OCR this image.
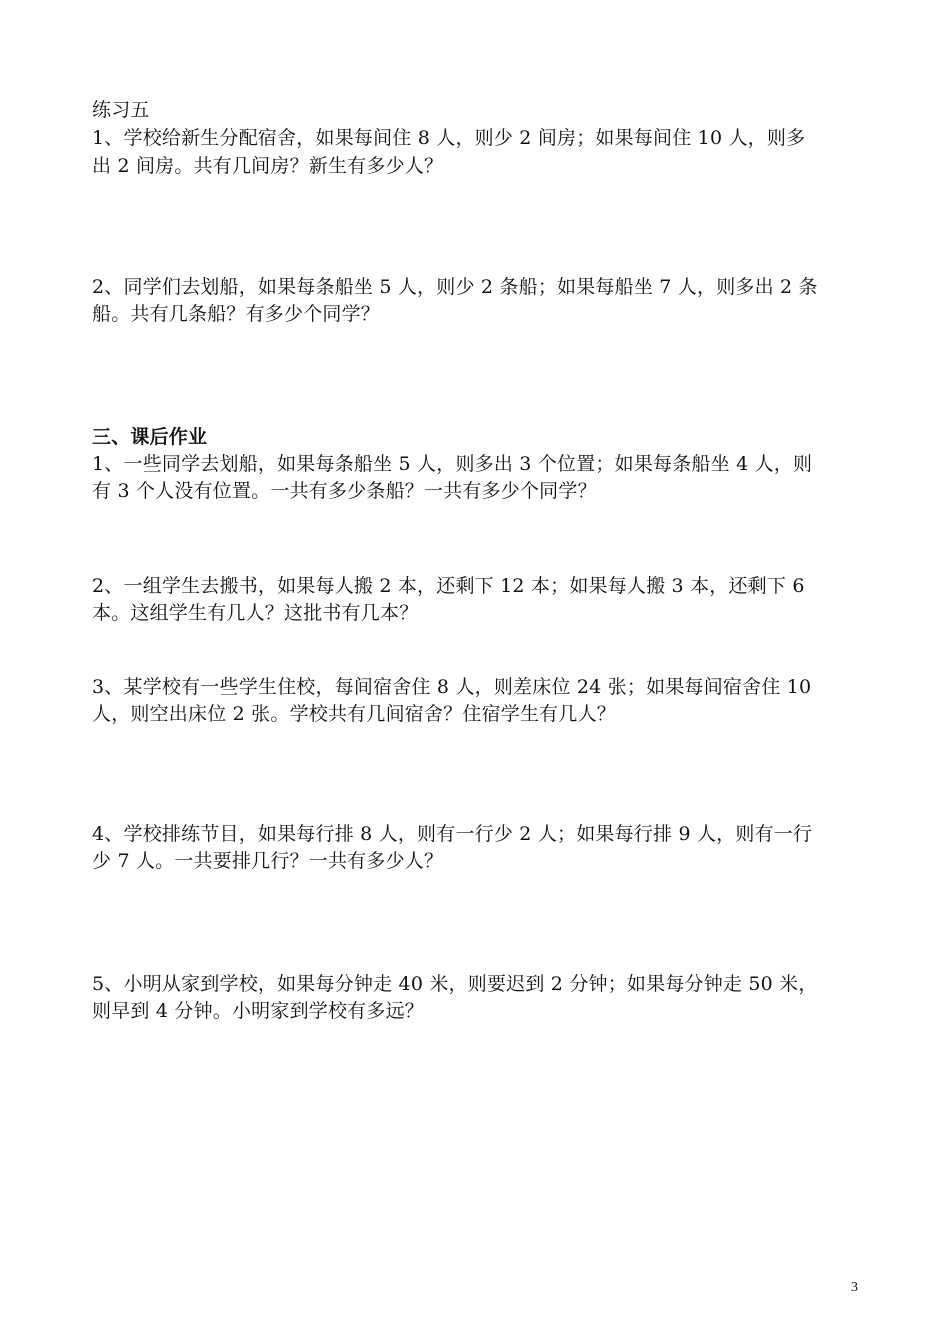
练习五
1、学校给新生分配宿舍，如果每间住 8 人，则少 2 间房；如果每间住 10 人，则多
出 2 间房。共有几间房？新生有多少人？
2、同学们去划船，如果每条船坐 5 人，则少 2 条船；如果每船坐 7 人，则多出 2 条
船。共有几条船？有多少个同学？
三、课后作业
1、一些同学去划船，如果每条船坐 5 人，则多出 3 个位置；如果每条船坐 4 人，则
有 3 个人没有位置。一共有多少条船？一共有多少个同学？
2、一组学生去搬书，如果每人搬 2 本，还剩下 12 本；如果每人搬 3 本，还剩下 6
本。这组学生有几人？这批书有几本？
3、某学校有一些学生住校，每间宿舍住 8 人，则差床位 24 张；如果每间宿舍住 10
人，则空出床位 2 张。学校共有几间宿舍？住宿学生有几人？
4、学校排练节目，如果每行排 8 人，则有一行少 2 人；如果每行排 9 人，则有一行
少 7 人。一共要排几行？一共有多少人？
5、小明从家到学校，如果每分钟走 40 米，则要迟到 2 分钟；如果每分钟走 50 米，
则早到 4 分钟。小明家到学校有多远？
3
